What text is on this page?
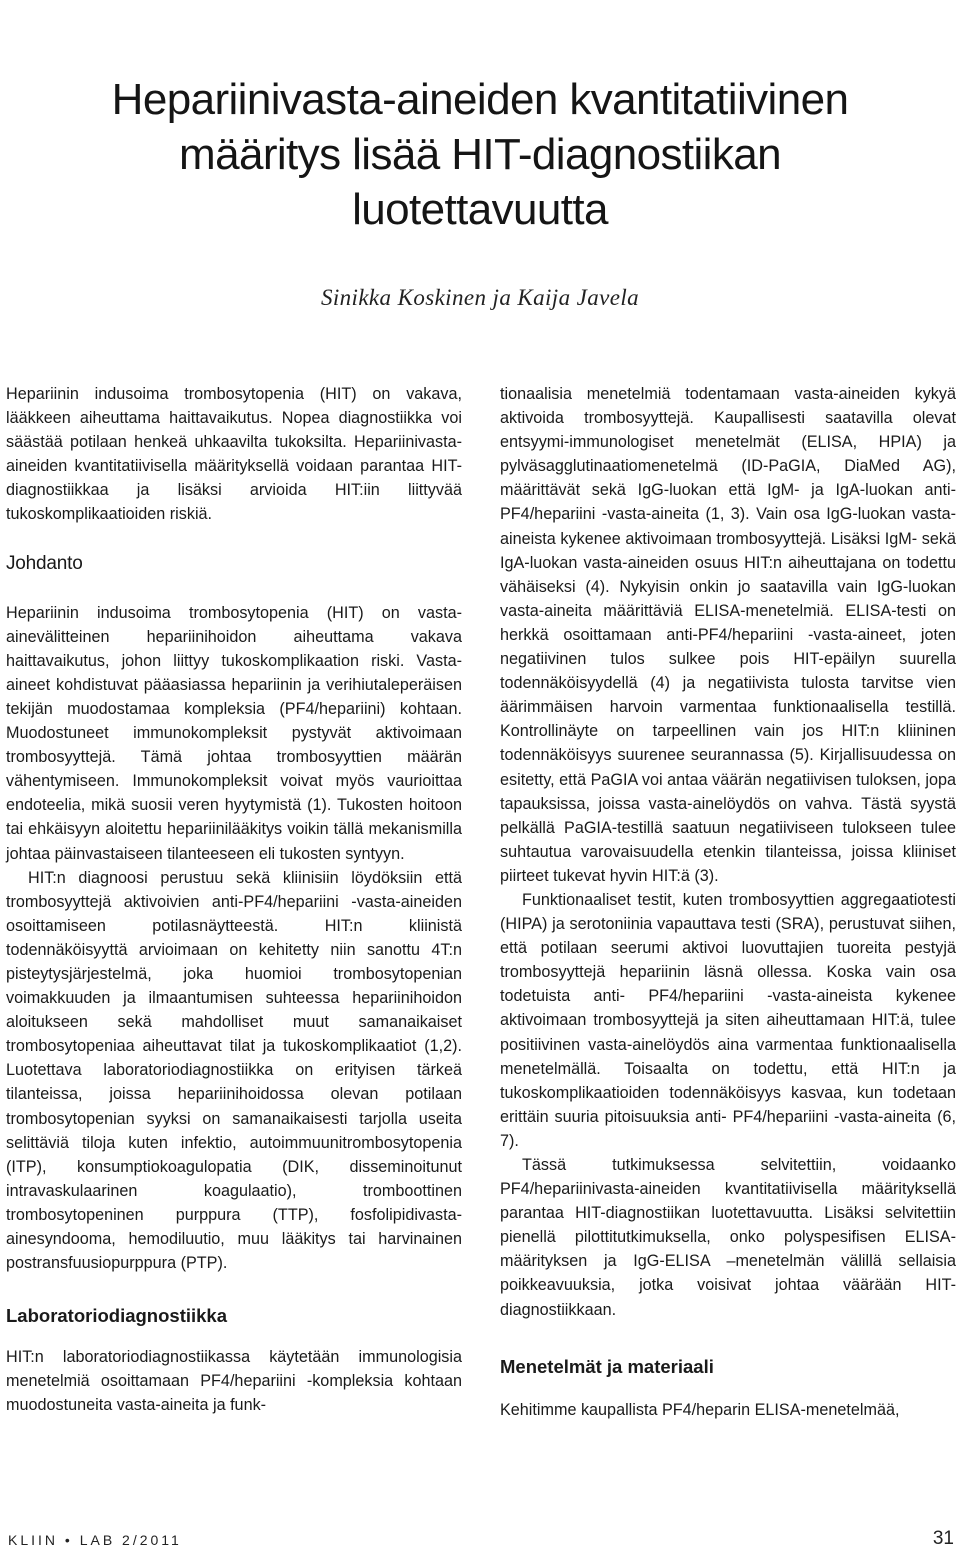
Hepariinivasta-aineiden kvantitatiivinen
määritys lisää HIT-diagnostiikan
luotettavuutta
Sinikka Koskinen ja Kaija Javela

Hepariinin indusoima trombosytopenia (HIT) on vakava, lääkkeen aiheuttama haittavaikutus. Nopea diagnostiikka voi säästää potilaan henkeä uhkaavilta tukoksilta. Hepariinivasta-aineiden kvantitatiivisella määrityksellä voidaan parantaa HIT-diagnostiikkaa ja lisäksi arvioida HIT:iin liittyvää tukoskomplikaatioiden riskiä.

Johdanto

Hepariinin indusoima trombosytopenia (HIT) on vasta-ainevälitteinen hepariinihoidon aiheuttama vakava haittavaikutus, johon liittyy tukoskomplikaation riski. Vasta-aineet kohdistuvat pääasiassa hepariinin ja verihiutaleperäisen tekijän muodostamaa kompleksia (PF4/hepariini) kohtaan. Muodostuneet immunokompleksit pystyvät aktivoimaan trombosyyttejä. Tämä johtaa trombosyyttien määrän vähentymiseen. Immunokompleksit voivat myös vaurioittaa endoteelia, mikä suosii veren hyytymistä (1). Tukosten hoitoon tai ehkäisyyn aloitettu hepariinilääkitys voikin tällä mekanismilla johtaa päinvastaiseen tilanteeseen eli tukosten syntyyn.

HIT:n diagnoosi perustuu sekä kliinisiin löydöksiin että trombosyyttejä aktivoivien anti-PF4/hepariini -vasta-aineiden osoittamiseen potilasnäytteestä. HIT:n kliinistä todennäköisyyttä arvioimaan on kehitetty niin sanottu 4T:n pisteytysjärjestelmä, joka huomioi trombosytopenian voimakkuuden ja ilmaantumisen suhteessa hepariinihoidon aloitukseen sekä mahdolliset muut samanaikaiset trombosytopeniaa aiheuttavat tilat ja tukoskomplikaatiot (1,2). Luotettava laboratoriodiagnostiikka on erityisen tärkeä tilanteissa, joissa hepariinihoidossa olevan potilaan trombosytopenian syyksi on samanaikaisesti tarjolla useita selittäviä tiloja kuten infektio, autoimmuunitrombosytopenia (ITP), konsumptiokoagulopatia (DIK, disseminoitunut intravaskulaarinen koagulaatio), tromboottinen trombosytopeninen purppura (TTP), fosfolipidivasta-ainesyndooma, hemodiluutio, muu lääkitys tai harvinainen postransfuusiopurppura (PTP).

Laboratoriodiagnostiikka

HIT:n laboratoriodiagnostiikassa käytetään immunologisia menetelmiä osoittamaan PF4/hepariini -kompleksia kohtaan muodostuneita vasta-aineita ja funk-

tionaalisia menetelmiä todentamaan vasta-aineiden kykyä aktivoida trombosyyttejä. Kaupallisesti saatavilla olevat entsyymi-immunologiset menetelmät (ELISA, HPIA) ja pylväsagglutinaatiomenetelmä (ID-PaGIA, DiaMed AG), määrittävät sekä IgG-luokan että IgM- ja IgA-luokan anti-PF4/hepariini -vasta-aineita (1, 3). Vain osa IgG-luokan vasta-aineista kykenee aktivoimaan trombosyyttejä. Lisäksi IgM- sekä IgA-luokan vasta-aineiden osuus HIT:n aiheuttajana on todettu vähäiseksi (4). Nykyisin onkin jo saatavilla vain IgG-luokan vasta-aineita määrittäviä ELISA-menetelmiä. ELISA-testi on herkkä osoittamaan anti-PF4/hepariini -vasta-aineet, joten negatiivinen tulos sulkee pois HIT-epäilyn suurella todennäköisyydellä (4) ja negatiivista tulosta tarvitse vien äärimmäisen harvoin varmentaa funktionaalisella testillä. Kontrollinäyte on tarpeellinen vain jos HIT:n kliininen todennäköisyys suurenee seurannassa (5). Kirjallisuudessa on esitetty, että PaGIA voi antaa väärän negatiivisen tuloksen, jopa tapauksissa, joissa vasta-ainelöydös on vahva. Tästä syystä pelkällä PaGIA-testillä saatuun negatiiviseen tulokseen tulee suhtautua varovaisuudella etenkin tilanteissa, joissa kliiniset piirteet tukevat hyvin HIT:ä (3).

Funktionaaliset testit, kuten trombosyyttien aggregaatiotesti (HIPA) ja serotoniinia vapauttava testi (SRA), perustuvat siihen, että potilaan seerumi aktivoi luovuttajien tuoreita pestyjä trombosyyttejä hepariinin läsnä ollessa. Koska vain osa todetuista anti- PF4/hepariini -vasta-aineista kykenee aktivoimaan trombosyyttejä ja siten aiheuttamaan HIT:ä, tulee positiivinen vasta-ainelöydös aina varmentaa funktionaalisella menetelmällä. Toisaalta on todettu, että HIT:n ja tukoskomplikaatioiden todennäköisyys kasvaa, kun todetaan erittäin suuria pitoisuuksia anti- PF4/hepariini -vasta-aineita (6, 7).

Tässä tutkimuksessa selvitettiin, voidaanko PF4/hepariinivasta-aineiden kvantitatiivisella määrityksellä parantaa HIT-diagnostiikan luotettavuutta. Lisäksi selvitettiin pienellä pilottitutkimuksella, onko polyspesifisen ELISA-määrityksen ja IgG-ELISA –menetelmän välillä sellaisia poikkeavuuksia, jotka voisivat johtaa väärään HIT-diagnostiikkaan.

Menetelmät ja materiaali

Kehitimme kaupallista PF4/heparin ELISA-menetelmää,

KLIIN • LAB 2/2011	31
